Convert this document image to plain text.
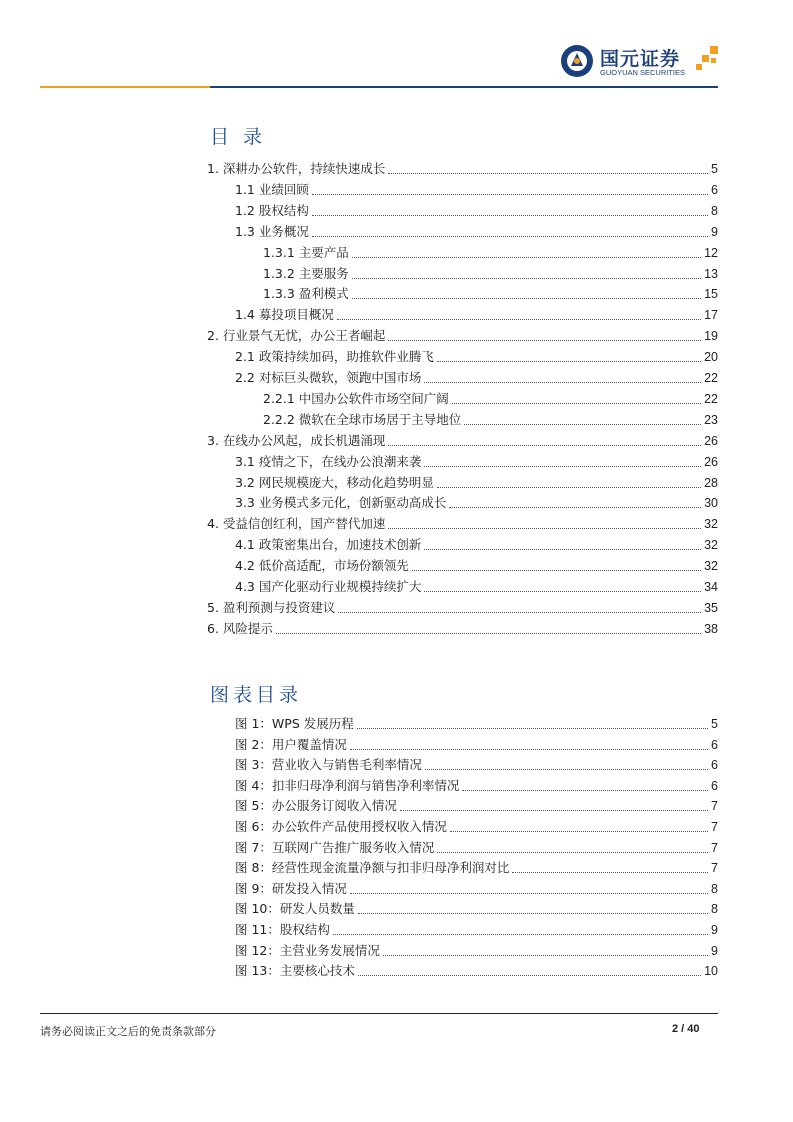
国元证券
GUOYUAN SECURITIES
目 录
1. 深耕办公软件，持续快速成长	5
1.1 业绩回顾	6
1.2 股权结构	8
1.3 业务概况	9
1.3.1 主要产品	12
1.3.2 主要服务	13
1.3.3 盈利模式	15
1.4 募投项目概况	17
2. 行业景气无忧，办公王者崛起	19
2.1 政策持续加码，助推软件业腾飞	20
2.2 对标巨头微软，领跑中国市场	22
2.2.1 中国办公软件市场空间广阔	22
2.2.2 微软在全球市场居于主导地位	23
3. 在线办公风起，成长机遇涌现	26
3.1 疫情之下，在线办公浪潮来袭	26
3.2 网民规模庞大，移动化趋势明显	28
3.3 业务模式多元化，创新驱动高成长	30
4. 受益信创红利，国产替代加速	32
4.1 政策密集出台，加速技术创新	32
4.2 低价高适配，市场份额领先	32
4.3 国产化驱动行业规模持续扩大	34
5. 盈利预测与投资建议	35
6. 风险提示	38
图表目录
图 1：WPS 发展历程	5
图 2：用户覆盖情况	6
图 3：营业收入与销售毛利率情况	6
图 4：扣非归母净利润与销售净利率情况	6
图 5：办公服务订阅收入情况	7
图 6：办公软件产品使用授权收入情况	7
图 7：互联网广告推广服务收入情况	7
图 8：经营性现金流量净额与扣非归母净利润对比	7
图 9：研发投入情况	8
图 10：研发人员数量	8
图 11：股权结构	9
图 12：主营业务发展情况	9
图 13：主要核心技术	10
请务必阅读正文之后的免责条款部分	2 / 40
